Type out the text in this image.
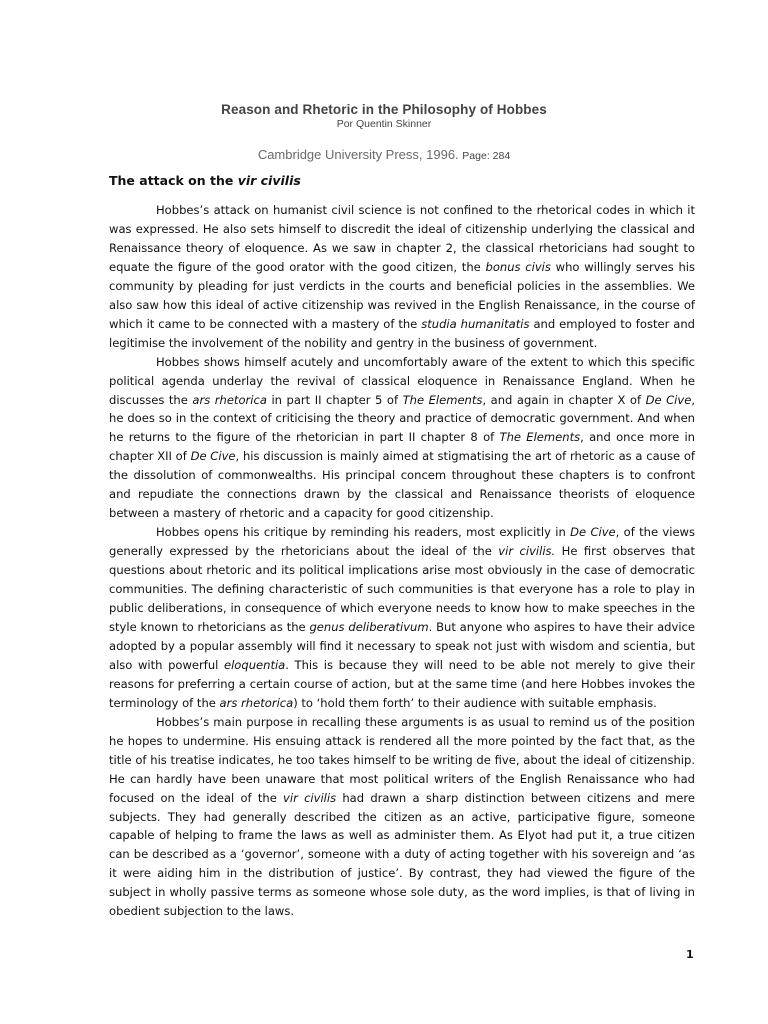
Reason and Rhetoric in the Philosophy of Hobbes
Por Quentin Skinner
Cambridge University Press, 1996. Page: 284
The attack on the vir civilis

Hobbes’s attack on humanist civil science is not confined to the rhetorical codes in which it was expressed. He also sets himself to discredit the ideal of citizenship underlying the classical and Renaissance theory of eloquence. As we saw in chapter 2, the classical rhetoricians had sought to equate the figure of the good orator with the good citizen, the bonus civis who willingly serves his community by pleading for just verdicts in the courts and beneficial policies in the assemblies. We also saw how this ideal of active citizenship was revived in the English Renaissance, in the course of which it came to be connected with a mastery of the studia humanitatis and employed to foster and legitimise the involvement of the nobility and gentry in the business of government.

Hobbes shows himself acutely and uncomfortably aware of the extent to which this specific political agenda underlay the revival of classical eloquence in Renaissance England. When he discusses the ars rhetorica in part II chapter 5 of The Elements, and again in chapter X of De Cive, he does so in the context of criticising the theory and practice of democratic government. And when he returns to the figure of the rhetorician in part II chapter 8 of The Elements, and once more in chapter XII of De Cive, his discussion is mainly aimed at stigmatising the art of rhetoric as a cause of the dissolution of commonwealths. His principal concem throughout these chapters is to confront and repudiate the connections drawn by the classical and Renaissance theorists of eloquence between a mastery of rhetoric and a capacity for good citizenship.

Hobbes opens his critique by reminding his readers, most explicitly in De Cive, of the views generally expressed by the rhetoricians about the ideal of the vir civilis. He first observes that questions about rhetoric and its political implications arise most obviously in the case of democratic communities. The defining characteristic of such communities is that everyone has a role to play in public deliberations, in consequence of which everyone needs to know how to make speeches in the style known to rhetoricians as the genus deliberativum. But anyone who aspires to have their advice adopted by a popular assembly will find it necessary to speak not just with wisdom and scientia, but also with powerful eloquentia. This is because they will need to be able not merely to give their reasons for preferring a certain course of action, but at the same time (and here Hobbes invokes the terminology of the ars rhetorica) to ‘hold them forth’ to their audience with suitable emphasis.

Hobbes’s main purpose in recalling these arguments is as usual to remind us of the position he hopes to undermine. His ensuing attack is rendered all the more pointed by the fact that, as the title of his treatise indicates, he too takes himself to be writing de five, about the ideal of citizenship. He can hardly have been unaware that most political writers of the English Renaissance who had focused on the ideal of the vir civilis had drawn a sharp distinction between citizens and mere subjects. They had generally described the citizen as an active, participative figure, someone capable of helping to frame the laws as well as administer them. As Elyot had put it, a true citizen can be described as a ‘governor’, someone with a duty of acting together with his sovereign and ‘as it were aiding him in the distribution of justice’. By contrast, they had viewed the figure of the subject in wholly passive terms as someone whose sole duty, as the word implies, is that of living in obedient subjection to the laws.

1
